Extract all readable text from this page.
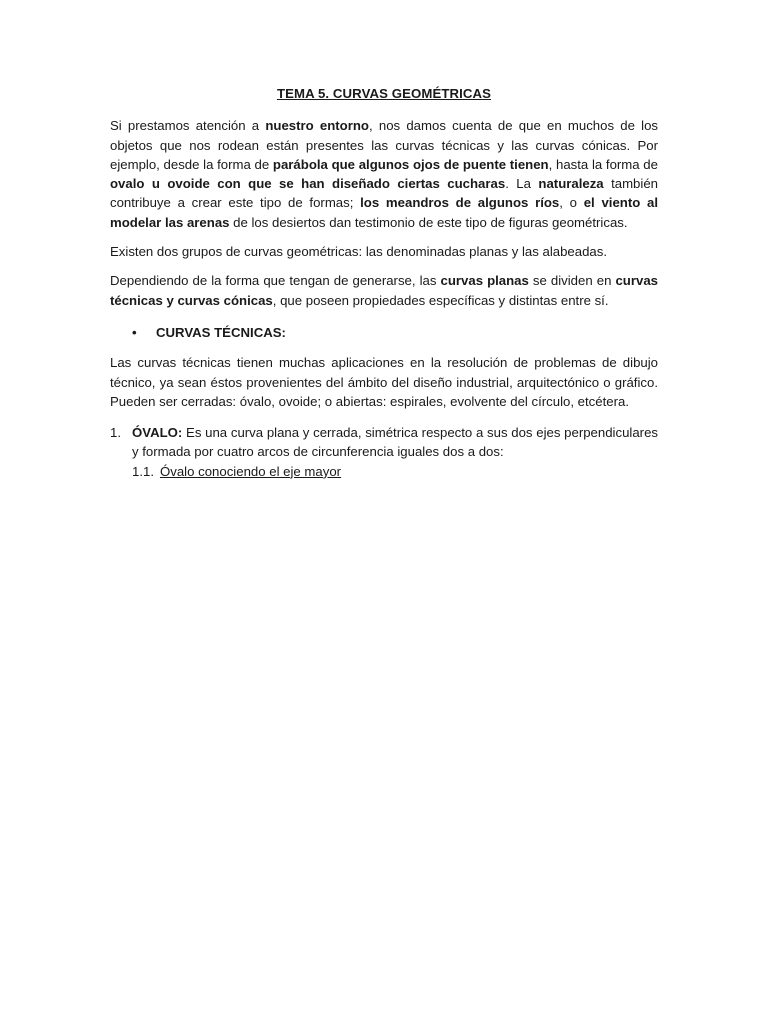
TEMA 5. CURVAS GEOMÉTRICAS

Si prestamos atención a nuestro entorno, nos damos cuenta de que en muchos de los objetos que nos rodean están presentes las curvas técnicas y las curvas cónicas. Por ejemplo, desde la forma de parábola que algunos ojos de puente tienen, hasta la forma de ovalo u ovoide con que se han diseñado ciertas cucharas. La naturaleza también contribuye a crear este tipo de formas; los meandros de algunos ríos, o el viento al modelar las arenas de los desiertos dan testimonio de este tipo de figuras geométricas.

Existen dos grupos de curvas geométricas: las denominadas planas y las alabeadas.

Dependiendo de la forma que tengan de generarse, las curvas planas se dividen en curvas técnicas y curvas cónicas, que poseen propiedades específicas y distintas entre sí.

• CURVAS TÉCNICAS:

Las curvas técnicas tienen muchas aplicaciones en la resolución de problemas de dibujo técnico, ya sean éstos provenientes del ámbito del diseño industrial, arquitectónico o gráfico. Pueden ser cerradas: óvalo, ovoide; o abiertas: espirales, evolvente del círculo, etcétera.

1. ÓVALO: Es una curva plana y cerrada, simétrica respecto a sus dos ejes perpendiculares y formada por cuatro arcos de circunferencia iguales dos a dos:
1.1. Óvalo conociendo el eje mayor
